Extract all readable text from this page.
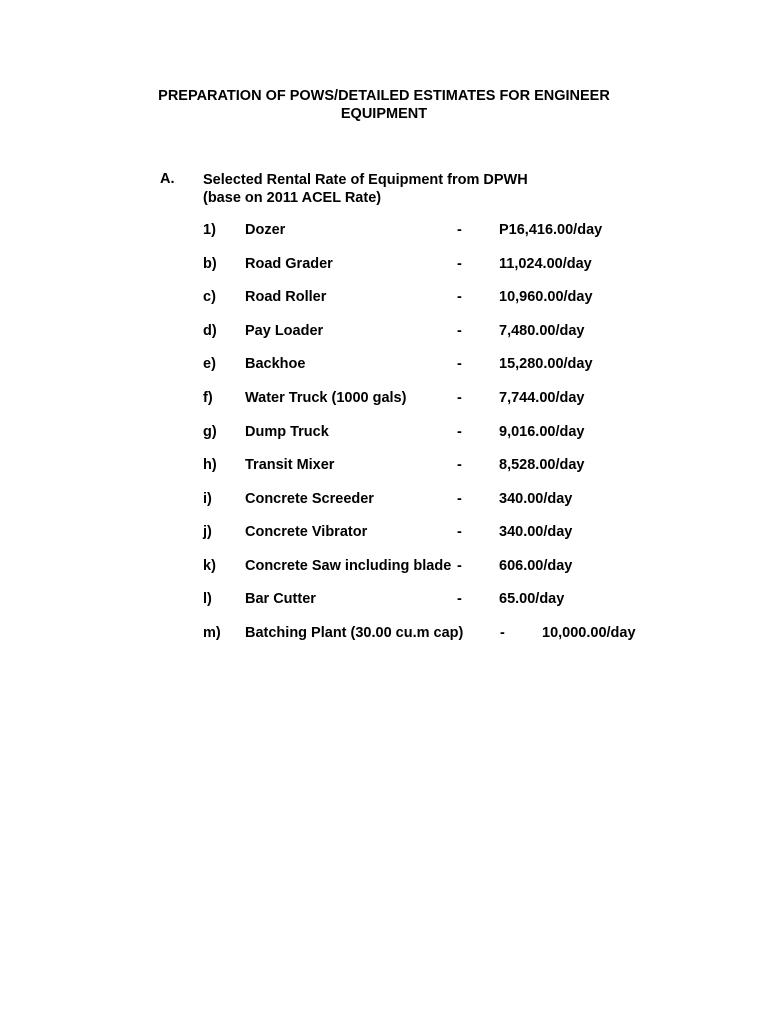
PREPARATION OF POWS/DETAILED ESTIMATES FOR ENGINEER
EQUIPMENT
A. Selected Rental Rate of Equipment from DPWH
(base on 2011 ACEL Rate)
1) Dozer	-	P16,416.00/day
b) Road Grader	-	11,024.00/day
c) Road Roller	-	10,960.00/day
d) Pay Loader	-	7,480.00/day
e) Backhoe	-	15,280.00/day
f) Water Truck (1000 gals)	-	7,744.00/day
g) Dump Truck	-	9,016.00/day
h) Transit Mixer	-	8,528.00/day
i) Concrete Screeder	-	340.00/day
j) Concrete Vibrator	-	340.00/day
k) Concrete Saw including blade -	606.00/day
l) Bar Cutter	-	65.00/day
m) Batching Plant (30.00 cu.m cap)	-	10,000.00/day
